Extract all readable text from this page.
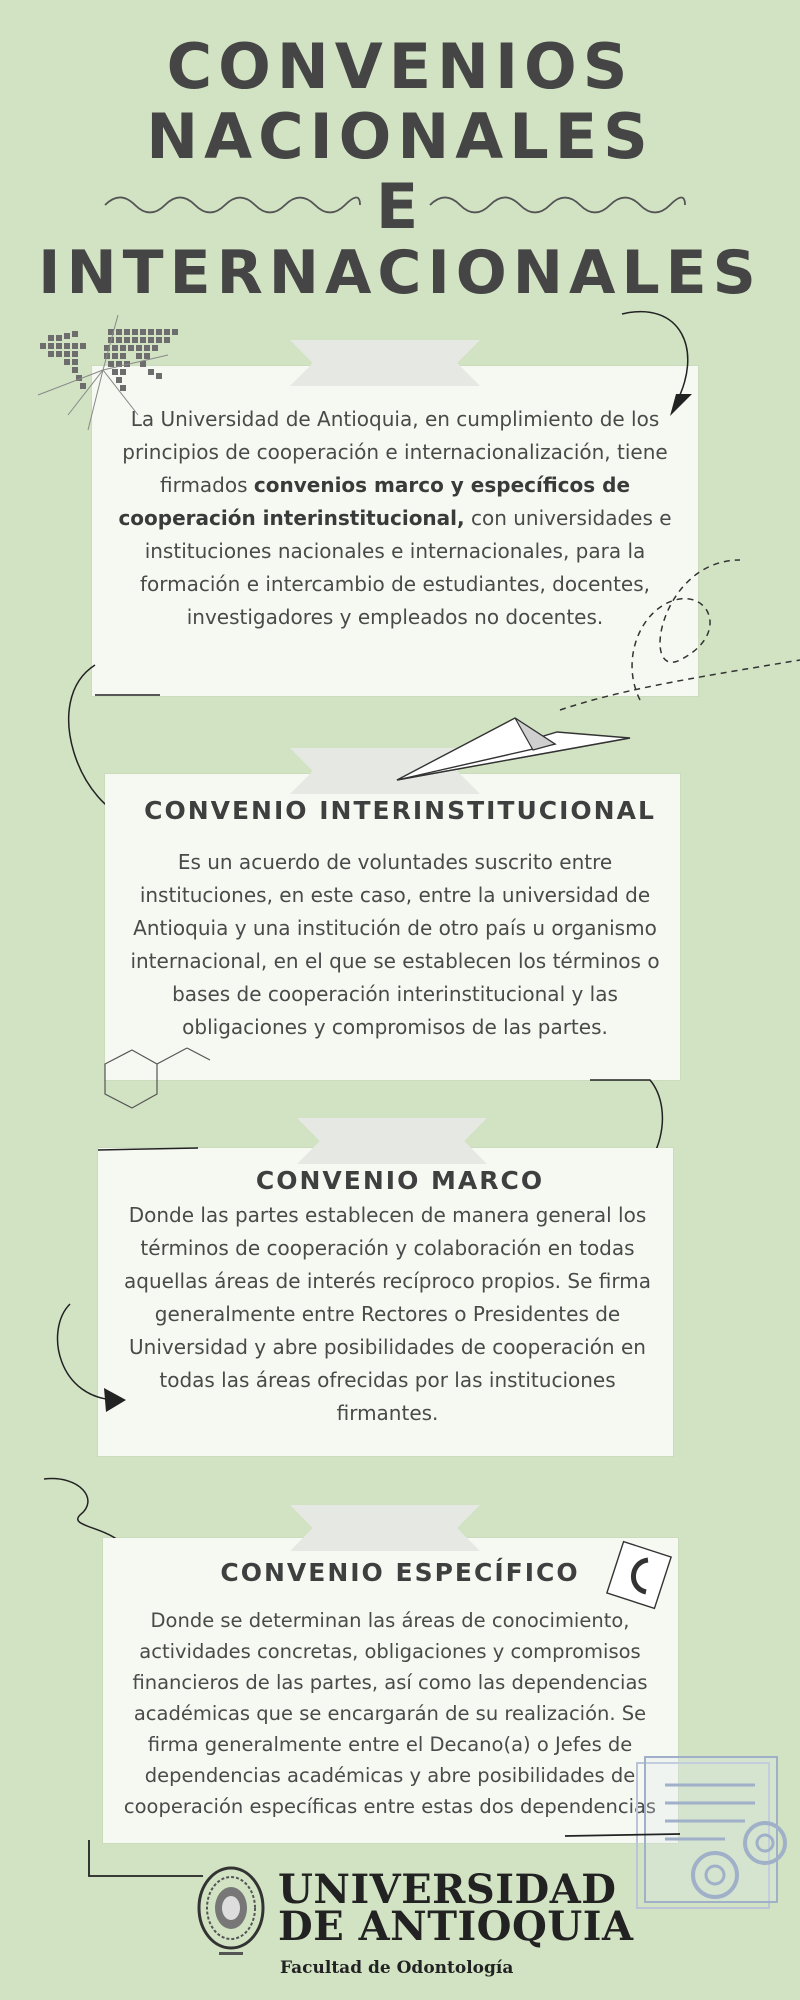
CONVENIOS
NACIONALES
E
INTERNACIONALES
La Universidad de Antioquia, en cumplimiento de los principios de cooperación e internacionalización, tiene firmados convenios marco y específicos de cooperación interinstitucional, con universidades e instituciones nacionales e internacionales, para la formación e intercambio de estudiantes, docentes, investigadores y empleados no docentes.
CONVENIO INTERINSTITUCIONAL
Es un acuerdo de voluntades suscrito entre instituciones, en este caso, entre la universidad de Antioquia y una institución de otro país u organismo internacional, en el que se establecen los términos o bases de cooperación interinstitucional y las obligaciones y compromisos de las partes.
CONVENIO MARCO
Donde las partes establecen de manera general los términos de cooperación y colaboración en todas aquellas áreas de interés recíproco propios. Se firma generalmente entre Rectores o Presidentes de Universidad y abre posibilidades de cooperación en todas las áreas ofrecidas por las instituciones firmantes.
CONVENIO ESPECÍFICO
Donde se determinan las áreas de conocimiento, actividades concretas, obligaciones y compromisos financieros de las partes, así como las dependencias académicas que se encargarán de su realización. Se firma generalmente entre el Decano(a) o Jefes de dependencias académicas y abre posibilidades de cooperación específicas entre estas dos dependencias
UNIVERSIDAD
DE ANTIOQUIA
Facultad de Odontología
